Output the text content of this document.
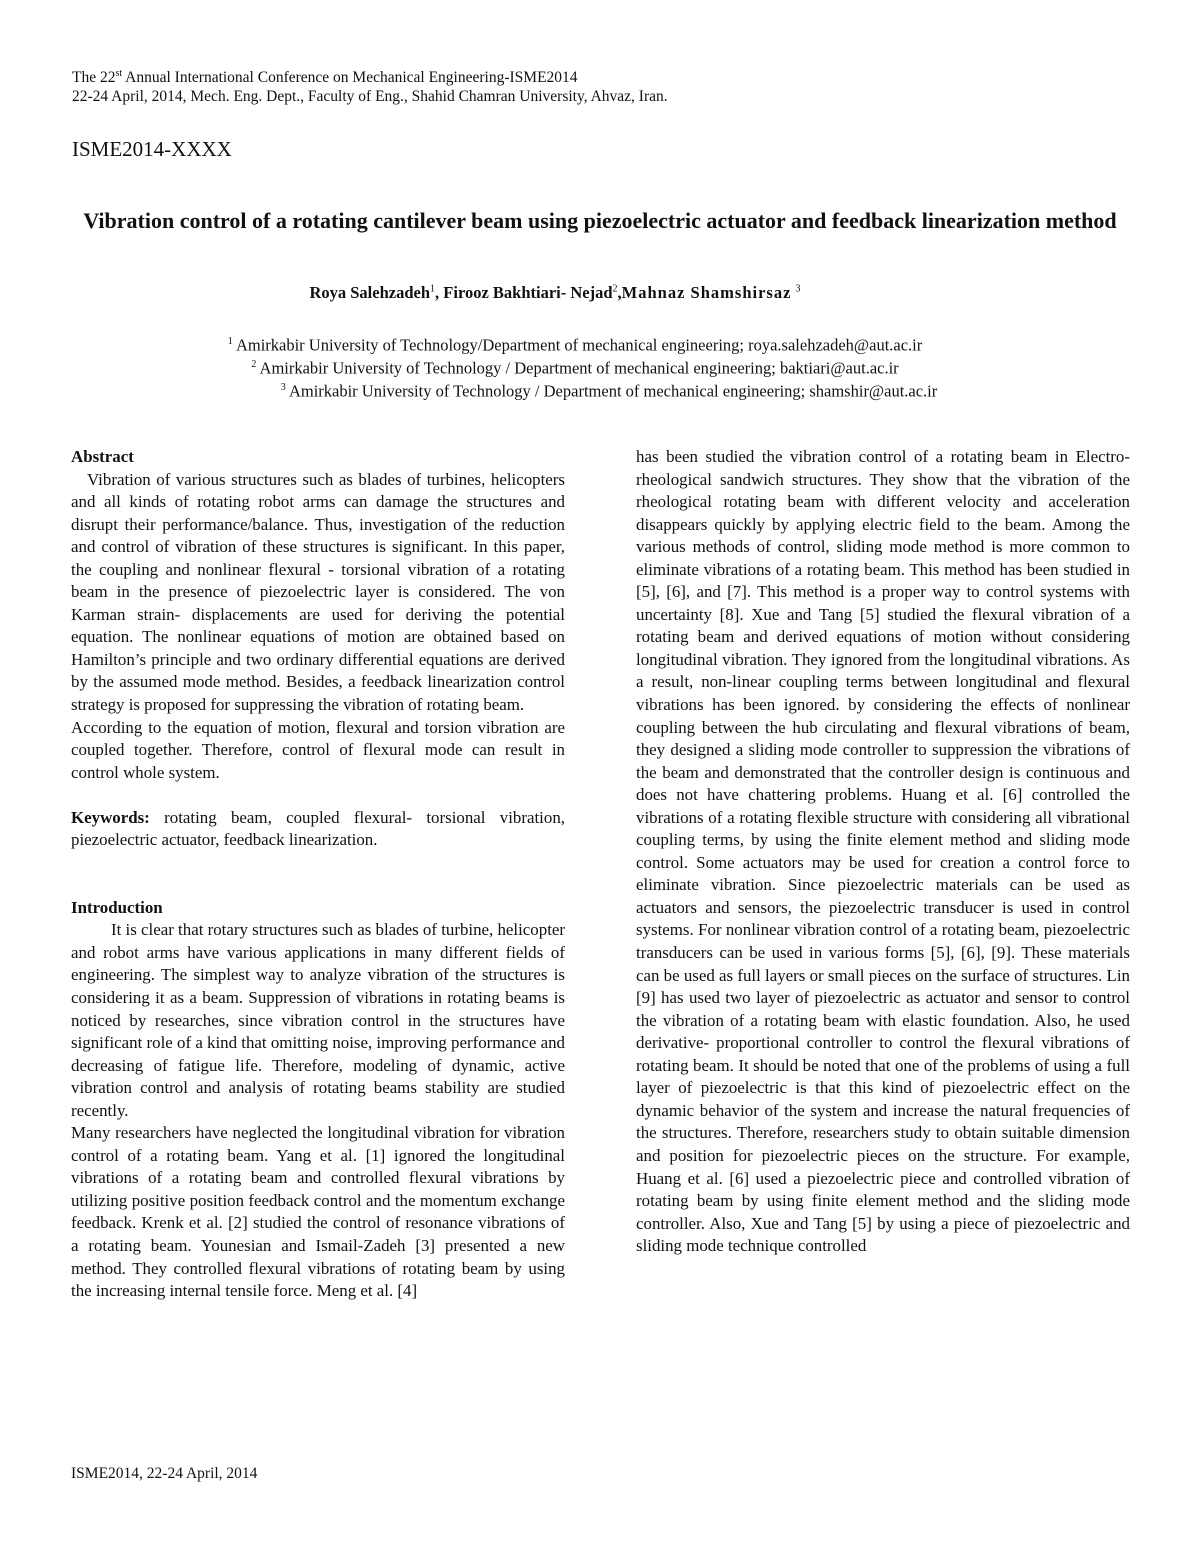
The 22st Annual International Conference on Mechanical Engineering-ISME2014
22-24 April, 2014, Mech. Eng. Dept., Faculty of Eng., Shahid Chamran University, Ahvaz, Iran.
ISME2014-XXXX
Vibration control of a rotating cantilever beam using piezoelectric actuator and feedback linearization method
Roya Salehzadeh$^1$, Firooz Bakhtiari- Nejad$^2$,Mahnaz Shamshirsaz $^3$
$^1$ Amirkabir University of Technology/Department of mechanical engineering; roya.salehzadeh@aut.ac.ir
$^2$ Amirkabir University of Technology / Department of mechanical engineering; baktiari@aut.ac.ir
$^3$ Amirkabir University of Technology / Department of mechanical engineering; shamshir@aut.ac.ir

Abstract

Vibration of various structures such as blades of turbines, helicopters and all kinds of rotating robot arms can damage the structures and disrupt their performance/balance. Thus, investigation of the reduction and control of vibration of these structures is significant. In this paper, the coupling and nonlinear flexural - torsional vibration of a rotating beam in the presence of piezoelectric layer is considered. The von Karman strain- displacements are used for deriving the potential equation. The nonlinear equations of motion are obtained based on Hamilton’s principle and two ordinary differential equations are derived by the assumed mode method. Besides, a feedback linearization control strategy is proposed for suppressing the vibration of rotating beam.

According to the equation of motion, flexural and torsion vibration are coupled together. Therefore, control of flexural mode can result in control whole system.

Keywords: rotating beam, coupled flexural- torsional vibration, piezoelectric actuator, feedback linearization.

Introduction

It is clear that rotary structures such as blades of turbine, helicopter and robot arms have various applications in many different fields of engineering. The simplest way to analyze vibration of the structures is considering it as a beam. Suppression of vibrations in rotating beams is noticed by researches, since vibration control in the structures have significant role of a kind that omitting noise, improving performance and decreasing of fatigue life. Therefore, modeling of dynamic, active vibration control and analysis of rotating beams stability are studied recently.

Many researchers have neglected the longitudinal vibration for vibration control of a rotating beam. Yang et al. [1] ignored the longitudinal vibrations of a rotating beam and controlled flexural vibrations by utilizing positive position feedback control and the momentum exchange feedback. Krenk et al. [2] studied the control of resonance vibrations of a rotating beam. Younesian and Ismail-Zadeh [3] presented a new method. They controlled flexural vibrations of rotating beam by using the increasing internal tensile force. Meng et al. [4]

has been studied the vibration control of a rotating beam in Electro- rheological sandwich structures. They show that the vibration of the rheological rotating beam with different velocity and acceleration disappears quickly by applying electric field to the beam. Among the various methods of control, sliding mode method is more common to eliminate vibrations of a rotating beam. This method has been studied in [5], [6], and [7]. This method is a proper way to control systems with uncertainty [8]. Xue and Tang [5] studied the flexural vibration of a rotating beam and derived equations of motion without considering longitudinal vibration. They ignored from the longitudinal vibrations. As a result, non-linear coupling terms between longitudinal and flexural vibrations has been ignored. by considering the effects of nonlinear coupling between the hub circulating and flexural vibrations of beam, they designed a sliding mode controller to suppression the vibrations of the beam and demonstrated that the controller design is continuous and does not have chattering problems. Huang et al. [6] controlled the vibrations of a rotating flexible structure with considering all vibrational coupling terms, by using the finite element method and sliding mode control. Some actuators may be used for creation a control force to eliminate vibration. Since piezoelectric materials can be used as actuators and sensors, the piezoelectric transducer is used in control systems. For nonlinear vibration control of a rotating beam, piezoelectric transducers can be used in various forms [5], [6], [9]. These materials can be used as full layers or small pieces on the surface of structures. Lin [9] has used two layer of piezoelectric as actuator and sensor to control the vibration of a rotating beam with elastic foundation. Also, he used derivative- proportional controller to control the flexural vibrations of rotating beam. It should be noted that one of the problems of using a full layer of piezoelectric is that this kind of piezoelectric effect on the dynamic behavior of the system and increase the natural frequencies of the structures. Therefore, researchers study to obtain suitable dimension and position for piezoelectric pieces on the structure. For example, Huang et al. [6] used a piezoelectric piece and controlled vibration of rotating beam by using finite element method and the sliding mode controller. Also, Xue and Tang [5] by using a piece of piezoelectric and sliding mode technique controlled

ISME2014, 22-24 April, 2014
